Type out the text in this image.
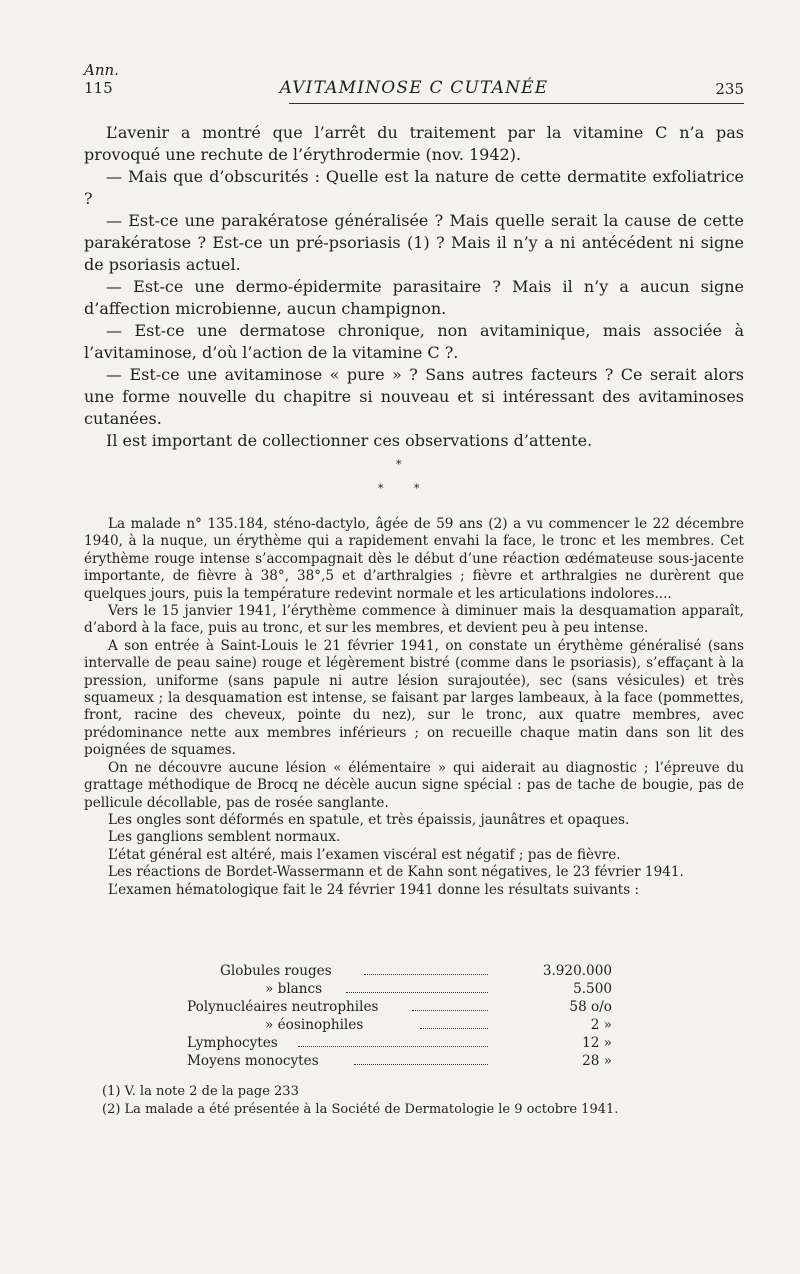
Ann.
115	AVITAMINOSE C CUTANÉE	235

L’avenir a montré que l’arrêt du traitement par la vitamine C n’a pas provoqué une rechute de l’érythrodermie (nov. 1942).

— Mais que d’obscurités : Quelle est la nature de cette dermatite exfoliatrice ?

— Est-ce une parakératose généralisée ? Mais quelle serait la cause de cette parakératose ? Est-ce un pré-psoriasis (1) ? Mais il n’y a ni antécédent ni signe de psoriasis actuel.

— Est-ce une dermo-épidermite parasitaire ? Mais il n’y a aucun signe d’affection microbienne, aucun champignon.

— Est-ce une dermatose chronique, non avitaminique, mais associée à l’avitaminose, d’où l’action de la vitamine C ?.

— Est-ce une avitaminose « pure » ? Sans autres facteurs ? Ce serait alors une forme nouvelle du chapitre si nouveau et si intéressant des avitaminoses cutanées.

Il est important de collectionner ces observations d’attente.

*
*	*

La malade n° 135.184, sténo-dactylo, âgée de 59 ans (2) a vu commencer le 22 décembre 1940, à la nuque, un érythème qui a rapidement envahi la face, le tronc et les membres. Cet érythème rouge intense s’accompagnait dès le début d’une réaction œdémateuse sous-jacente importante, de fièvre à 38°, 38°,5 et d’arthralgies ; fièvre et arthralgies ne durèrent que quelques jours, puis la température redevint normale et les articulations indolores....

Vers le 15 janvier 1941, l’érythème commence à diminuer mais la desquamation apparaît, d’abord à la face, puis au tronc, et sur les membres, et devient peu à peu intense.

A son entrée à Saint-Louis le 21 février 1941, on constate un érythème généralisé (sans intervalle de peau saine) rouge et légèrement bistré (comme dans le psoriasis), s’effaçant à la pression, uniforme (sans papule ni autre lésion surajoutée), sec (sans vésicules) et très squameux ; la desquamation est intense, se faisant par larges lambeaux, à la face (pommettes, front, racine des cheveux, pointe du nez), sur le tronc, aux quatre membres, avec prédominance nette aux membres inférieurs ; on recueille chaque matin dans son lit des poignées de squames.

On ne découvre aucune lésion « élémentaire » qui aiderait au diagnostic ; l’épreuve du grattage méthodique de Brocq ne décèle aucun signe spécial : pas de tache de bougie, pas de pellicule décollable, pas de rosée sanglante.

Les ongles sont déformés en spatule, et très épaissis, jaunâtres et opaques.

Les ganglions semblent normaux.

L’état général est altéré, mais l’examen viscéral est négatif ; pas de fièvre.

Les réactions de Bordet-Wassermann et de Kahn sont négatives, le 23 février 1941.

L’examen hématologique fait le 24 février 1941 donne les résultats suivants :

Globules rouges	3.920.000
» blancs	5.500
Polynucléaires neutrophiles	58 o/o
» éosinophiles	2 »
Lymphocytes	12 »
Moyens monocytes	28 »
(1) V. la note 2 de la page 233
(2) La malade a été présentée à la Société de Dermatologie le 9 octobre 1941.
